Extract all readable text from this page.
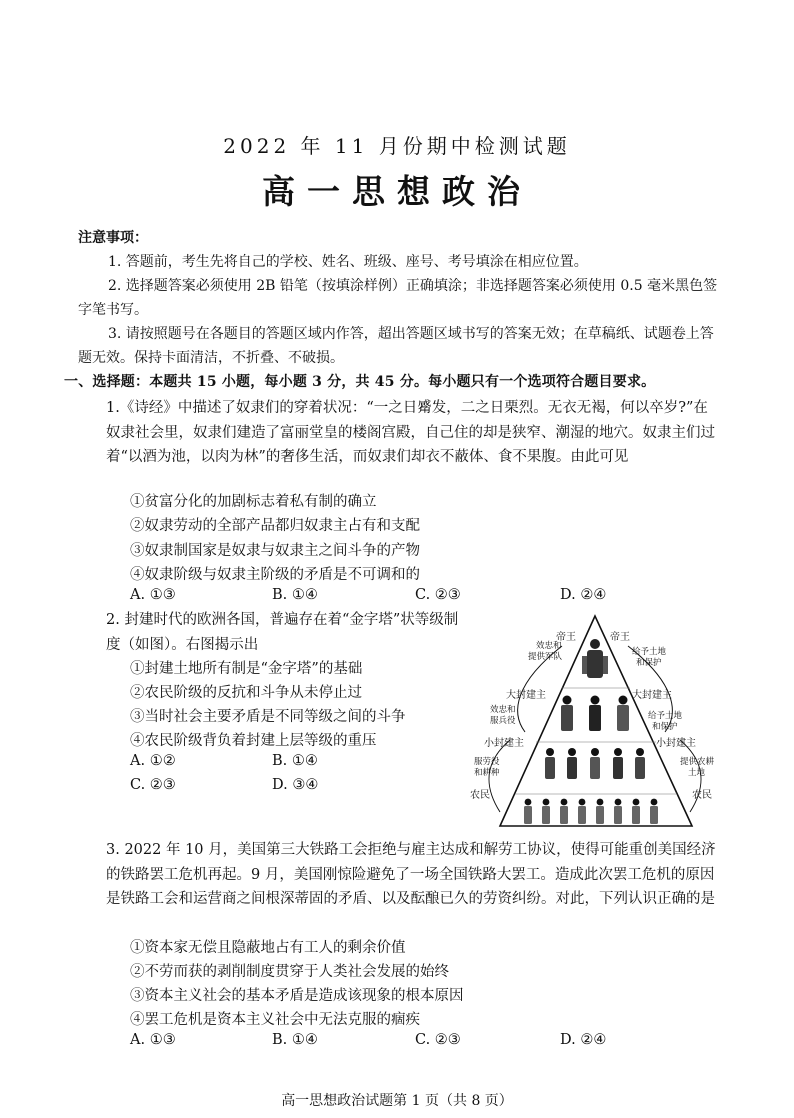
2022 年 11 月份期中检测试题
高一思想政治
注意事项：
1. 答题前，考生先将自己的学校、姓名、班级、座号、考号填涂在相应位置。
2. 选择题答案必须使用 2B 铅笔（按填涂样例）正确填涂；非选择题答案必须使用 0.5 毫米黑色签字笔书写。
3. 请按照题号在各题目的答题区域内作答，超出答题区域书写的答案无效；在草稿纸、试题卷上答题无效。保持卡面清洁，不折叠、不破损。
一、选择题：本题共 15 小题，每小题 3 分，共 45 分。每小题只有一个选项符合题目要求。
1.《诗经》中描述了奴隶们的穿着状况：“一之日觱发，二之日栗烈。无衣无褐，何以卒岁?”在奴隶社会里，奴隶们建造了富丽堂皇的楼阁宫殿，自己住的却是狭窄、潮湿的地穴。奴隶主们过着“以酒为池，以肉为林”的奢侈生活，而奴隶们却衣不蔽体、食不果腹。由此可见
①贫富分化的加剧标志着私有制的确立
②奴隶劳动的全部产品都归奴隶主占有和支配
③奴隶制国家是奴隶与奴隶主之间斗争的产物
④奴隶阶级与奴隶主阶级的矛盾是不可调和的
A. ①③	B. ①④	C. ②③	D. ②④
2. 封建时代的欧洲各国，普遍存在着“金字塔”状等级制度（如图）。右图揭示出
①封建土地所有制是“金字塔”的基础
②农民阶级的反抗和斗争从未停止过
③当时社会主要矛盾是不同等级之间的斗争
④农民阶级背负着封建上层等级的重压
A. ①②	B. ①④
C. ②③	D. ③④
帝王	帝王
大封建主	大封建主
小封建主	小封建主
农民	农民
效忠和
提供军队
效忠和
服兵役
服劳役
和耕种
给予土地
和保护
给予土地
和保护
提供农耕
土地
3. 2022 年 10 月，美国第三大铁路工会拒绝与雇主达成和解劳工协议，使得可能重创美国经济的铁路罢工危机再起。9 月，美国刚惊险避免了一场全国铁路大罢工。造成此次罢工危机的原因是铁路工会和运营商之间根深蒂固的矛盾、以及酝酿已久的劳资纠纷。对此，下列认识正确的是
①资本家无偿且隐蔽地占有工人的剩余价值
②不劳而获的剥削制度贯穿于人类社会发展的始终
③资本主义社会的基本矛盾是造成该现象的根本原因
④罢工危机是资本主义社会中无法克服的痼疾
A. ①③	B. ①④	C. ②③	D. ②④
高一思想政治试题第 1 页（共 8 页）
